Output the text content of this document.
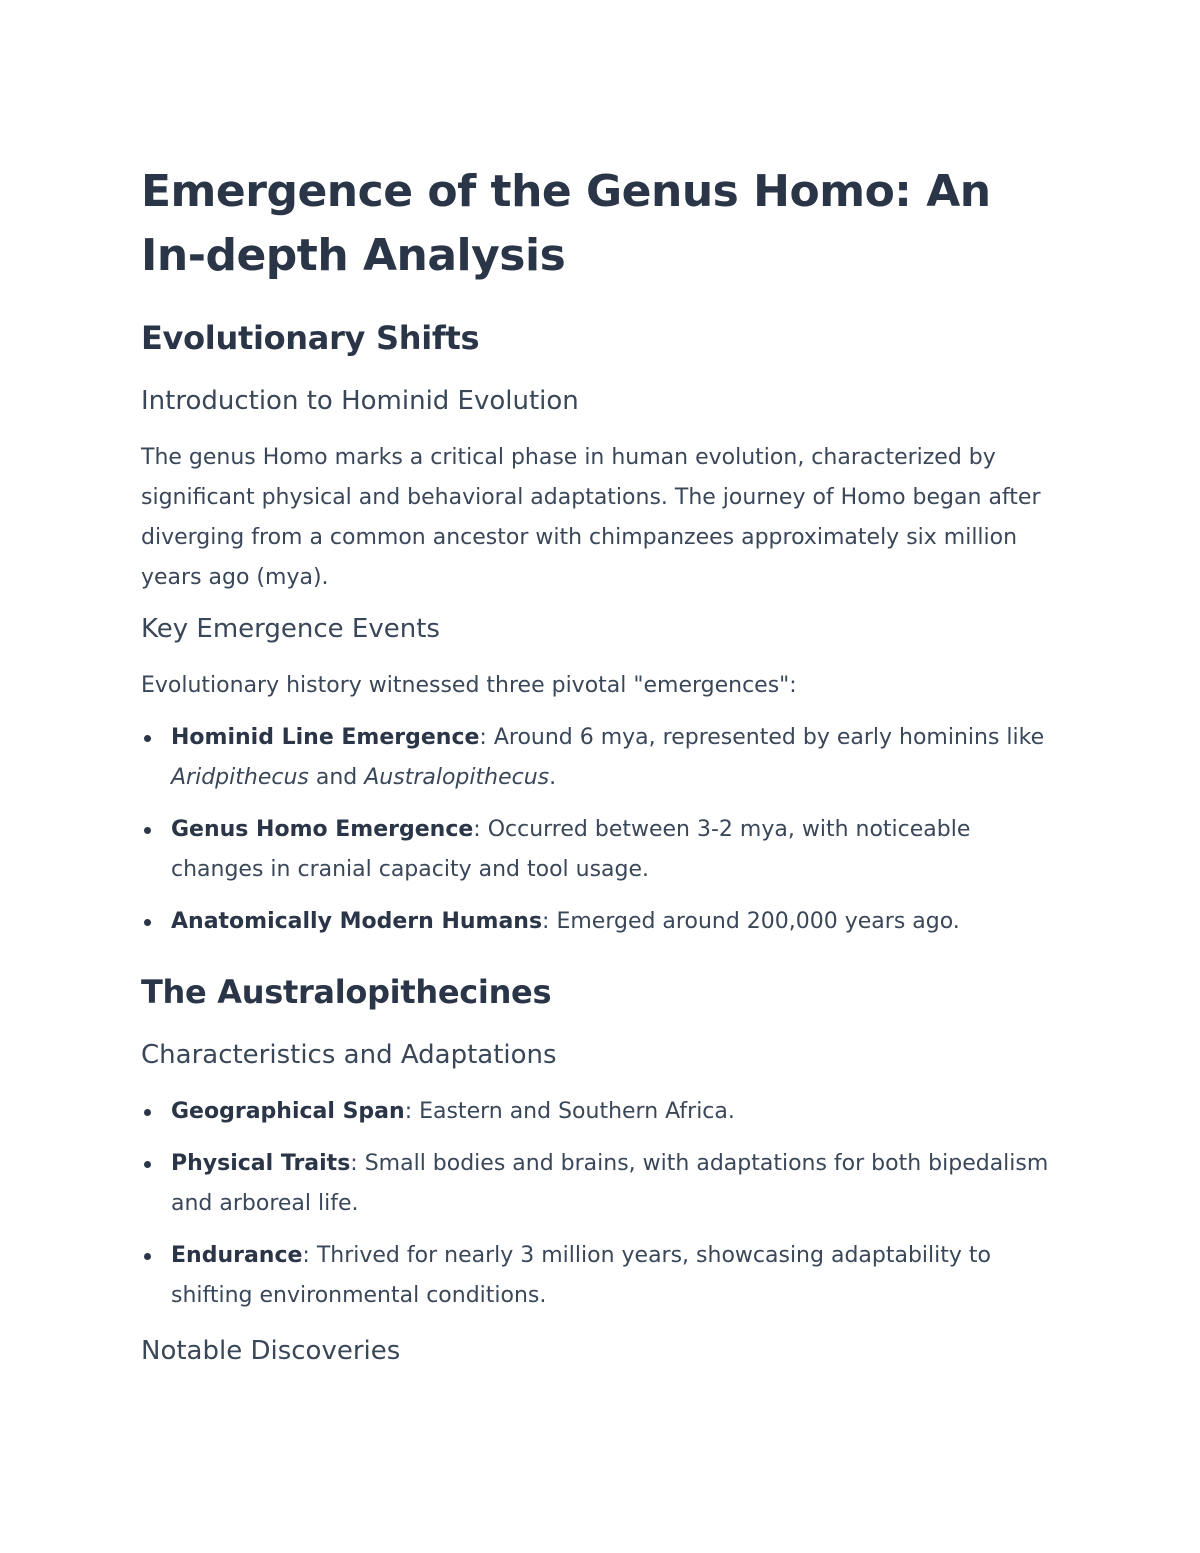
Emergence of the Genus Homo: An In-depth Analysis
Evolutionary Shifts
Introduction to Hominid Evolution

The genus Homo marks a critical phase in human evolution, characterized by significant physical and behavioral adaptations. The journey of Homo began after diverging from a common ancestor with chimpanzees approximately six million years ago (mya).

Key Emergence Events

Evolutionary history witnessed three pivotal "emergences":

Hominid Line Emergence: Around 6 mya, represented by early hominins like Aridpithecus and Australopithecus.
Genus Homo Emergence: Occurred between 3-2 mya, with noticeable changes in cranial capacity and tool usage.
Anatomically Modern Humans: Emerged around 200,000 years ago.
The Australopithecines
Characteristics and Adaptations
Geographical Span: Eastern and Southern Africa.
Physical Traits: Small bodies and brains, with adaptations for both bipedalism and arboreal life.
Endurance: Thrived for nearly 3 million years, showcasing adaptability to shifting environmental conditions.
Notable Discoveries
